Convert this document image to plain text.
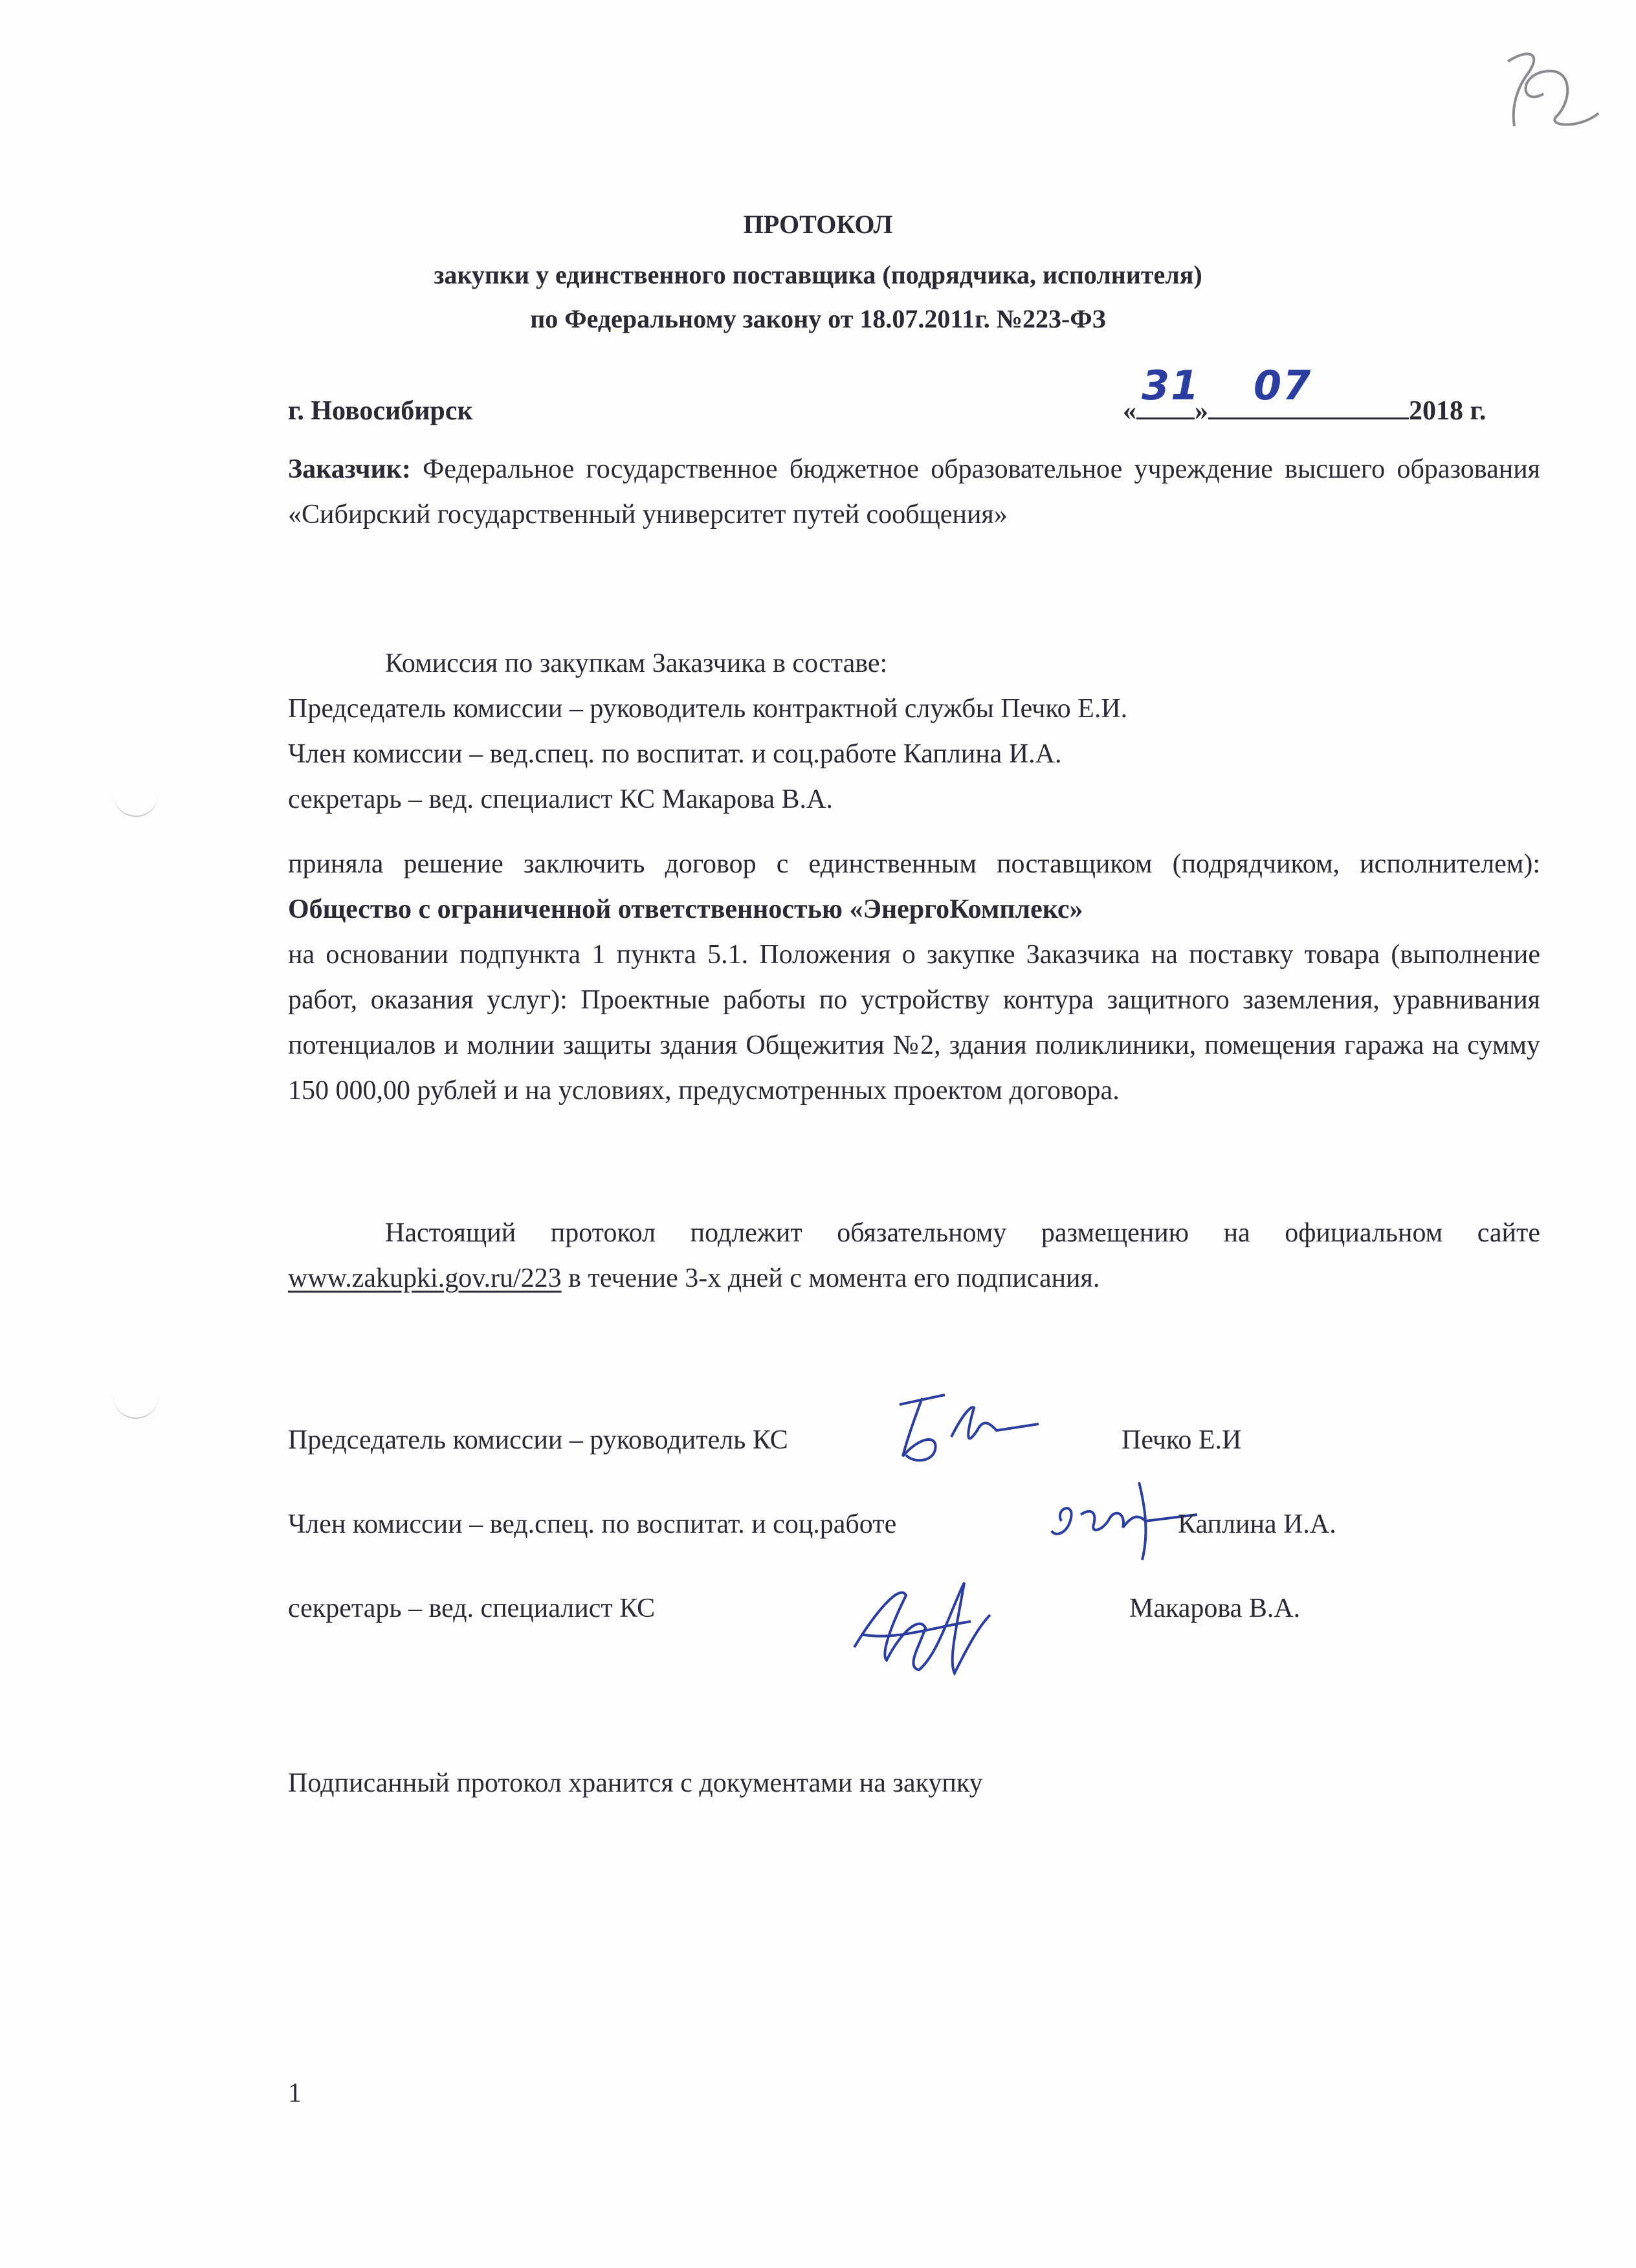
ПРОТОКОЛ
закупки у единственного поставщика (подрядчика, исполнителя)
по Федеральному закону от 18.07.2011г. №223-ФЗ
г. Новосибирск	«
31
»
07
2018 г.
Заказчик: Федеральное государственное бюджетное образовательное учреждение высшего образования «Сибирский государственный университет путей сообщения»
Комиссия по закупкам Заказчика в составе:
Председатель комиссии – руководитель контрактной службы Печко Е.И.
Член комиссии – вед.спец. по воспитат. и соц.работе Каплина И.А.
секретарь – вед. специалист КС Макарова В.А.
приняла решение заключить договор с единственным поставщиком (подрядчиком, исполнителем): Общество с ограниченной ответственностью «ЭнергоКомплекс»
на основании подпункта 1 пункта 5.1. Положения о закупке Заказчика на поставку товара (выполнение работ, оказания услуг): Проектные работы по устройству контура защитного заземления, уравнивания потенциалов и молнии защиты здания Общежития №2, здания поликлиники, помещения гаража на сумму 150 000,00 рублей и на условиях, предусмотренных проектом договора.
Настоящий протокол подлежит обязательному размещению на официальном сайте www.zakupki.gov.ru/223 в течение 3-х дней с момента его подписания.
Председатель комиссии – руководитель КС	Печко Е.И
Член комиссии – вед.спец. по воспитат. и соц.работе	Каплина И.А.
секретарь – вед. специалист КС	Макарова В.А.
Подписанный протокол хранится с документами на закупку
1
